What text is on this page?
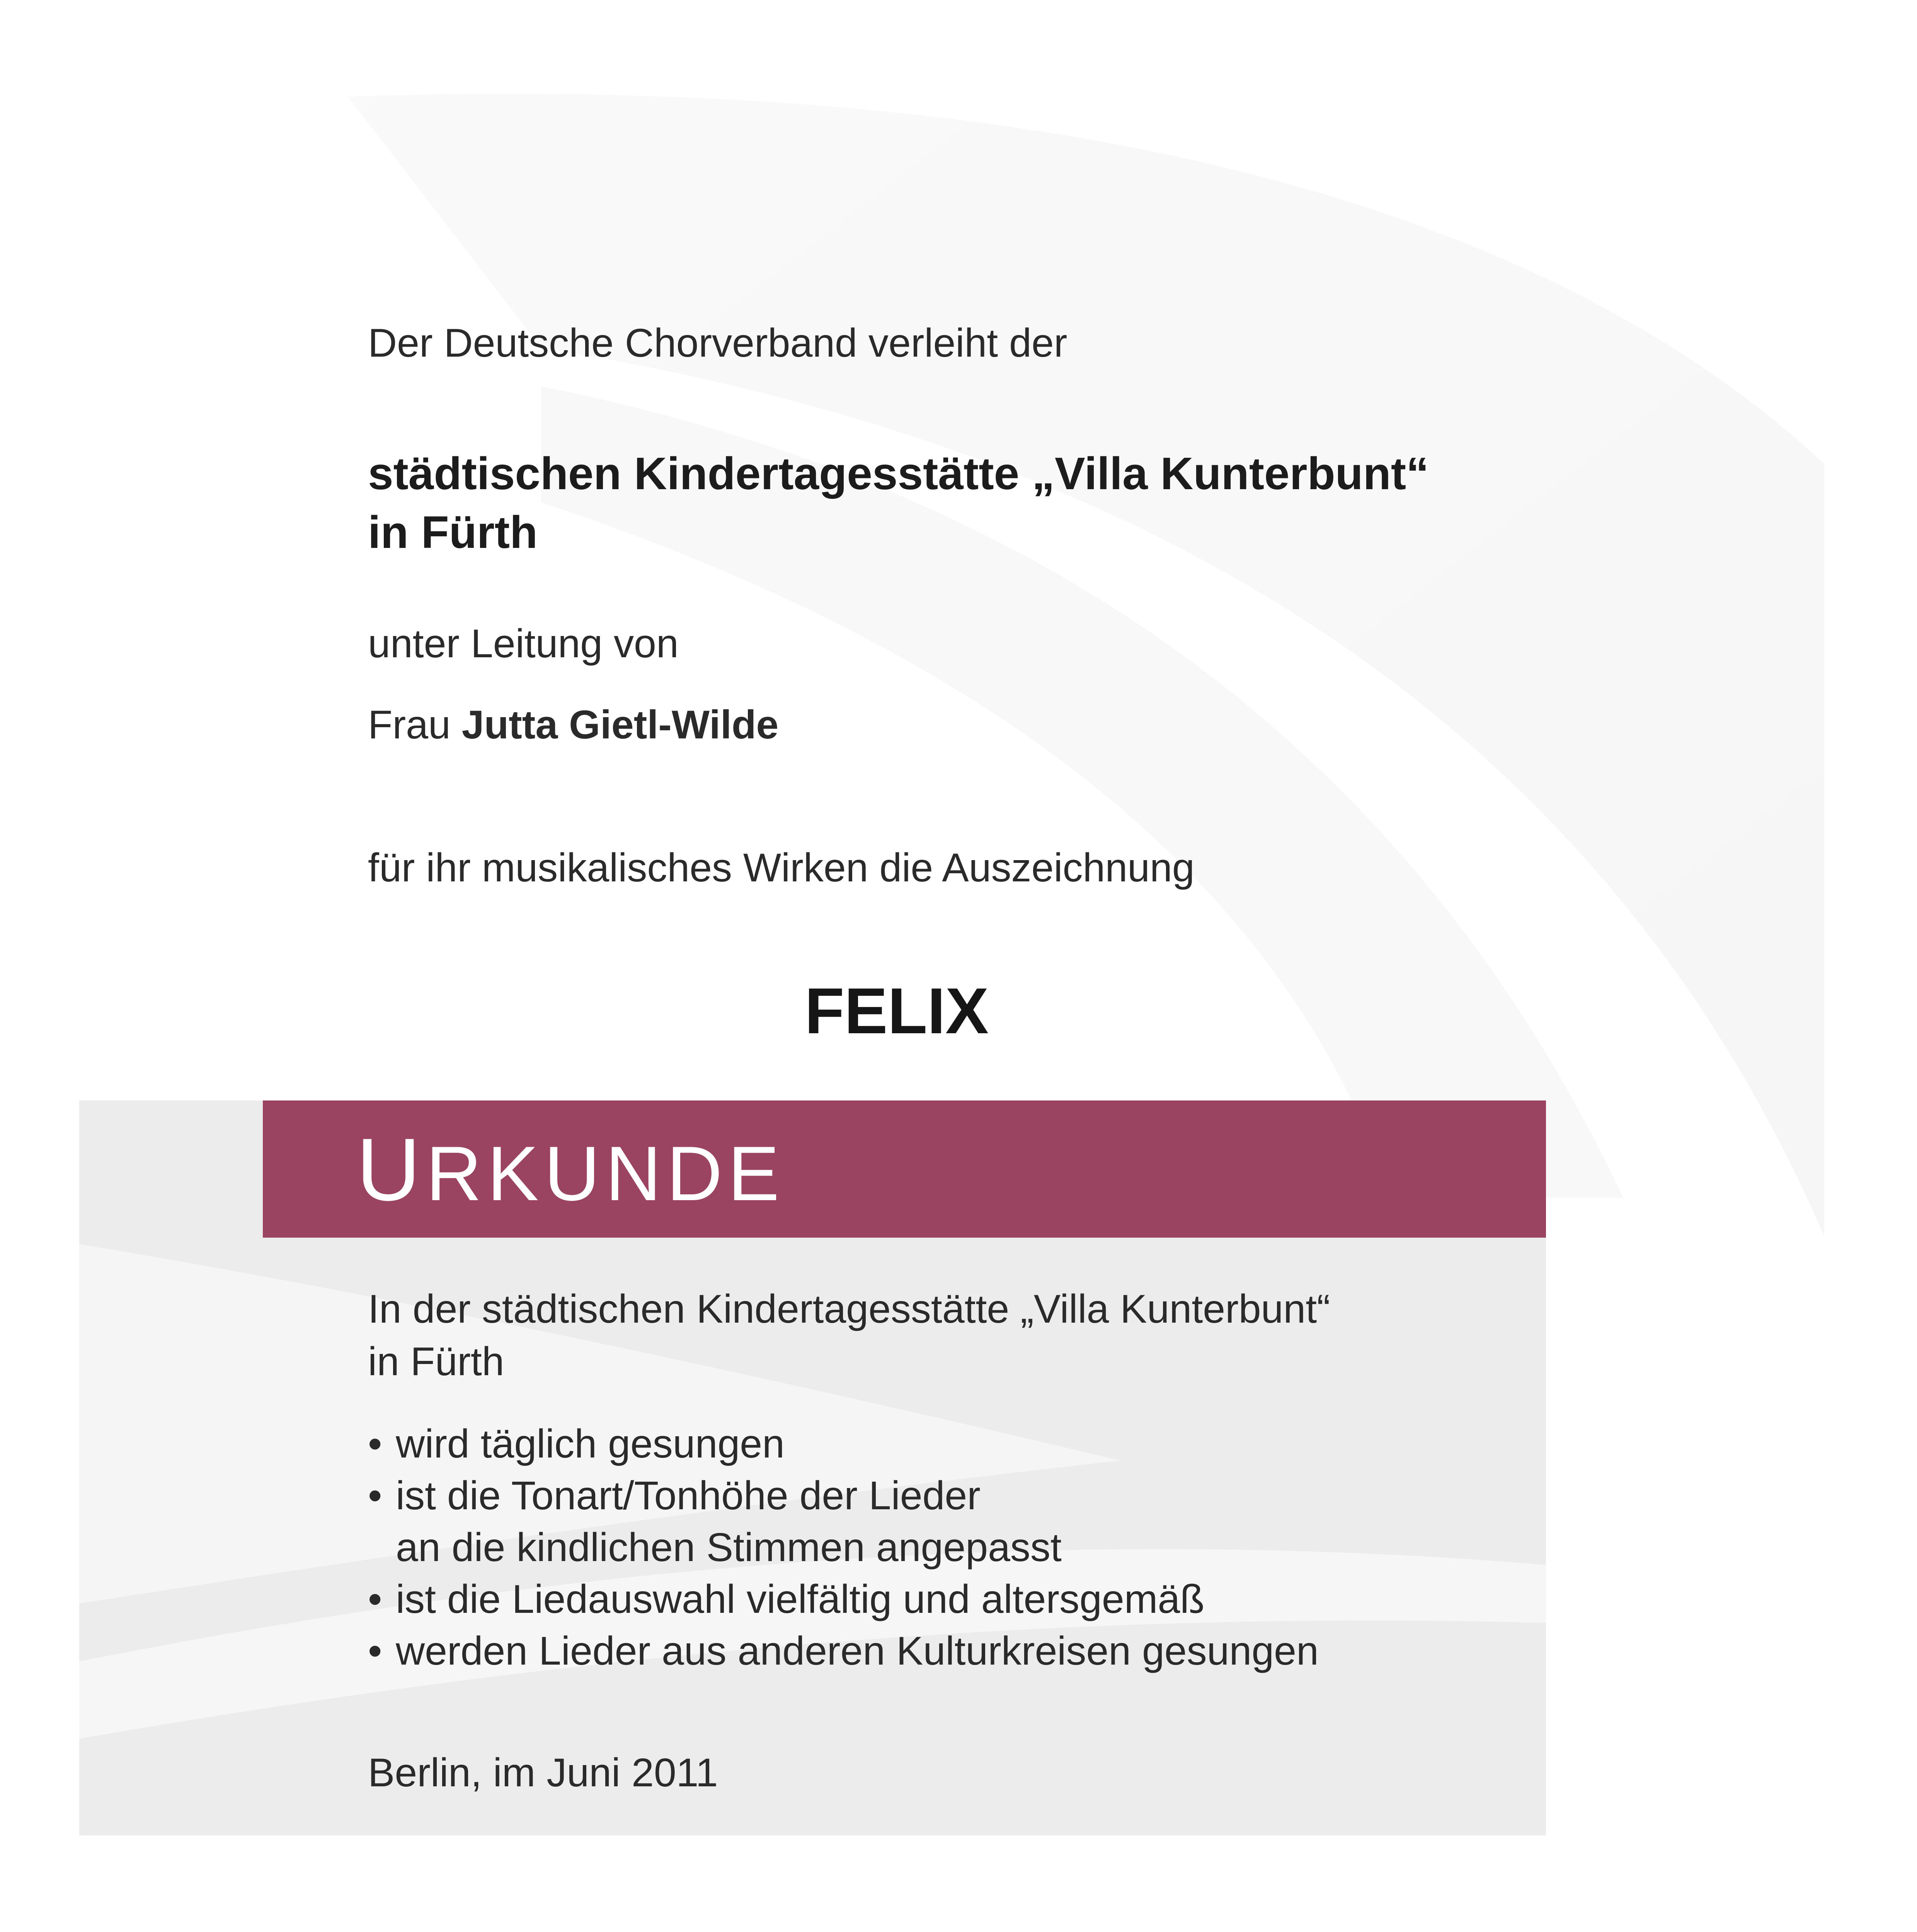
Der Deutsche Chorverband verleiht der
städtischen Kindertagesstätte „Villa Kunterbunt“
in Fürth
unter Leitung von
Frau Jutta Gietl-Wilde
für ihr musikalisches Wirken die Auszeichnung
FELIX
URKUNDE
In der städtischen Kindertagesstätte „Villa Kunterbunt“
in Fürth
• wird täglich gesungen
• ist die Tonart/Tonhöhe der Lieder
an die kindlichen Stimmen angepasst
• ist die Liedauswahl vielfältig und altersgemäß
• werden Lieder aus anderen Kulturkreisen gesungen
Berlin, im Juni 2011
